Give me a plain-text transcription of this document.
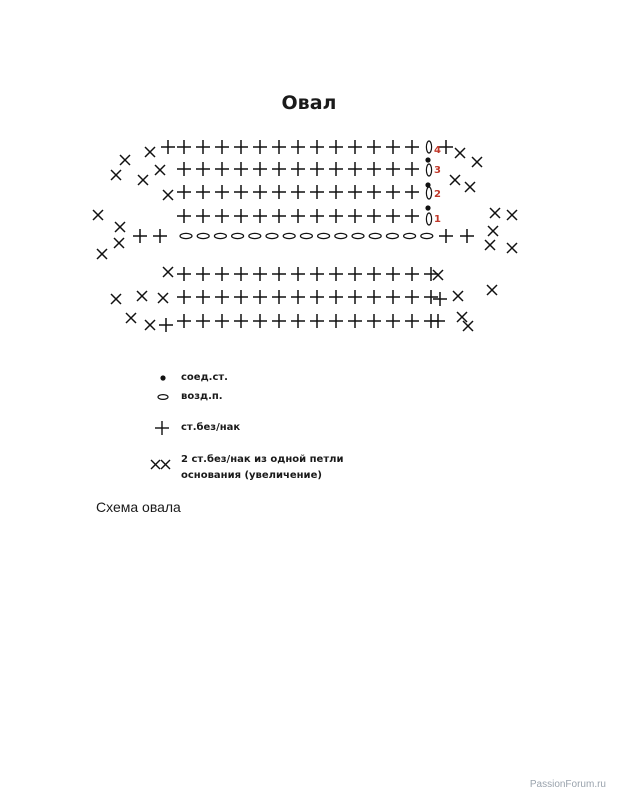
Овал
1
2
3
4
соед.ст.
возд.п.
ст.без/нак
2 ст.без/нак из одной петли
основания (увеличение)
Схема овала
PassionForum.ru
